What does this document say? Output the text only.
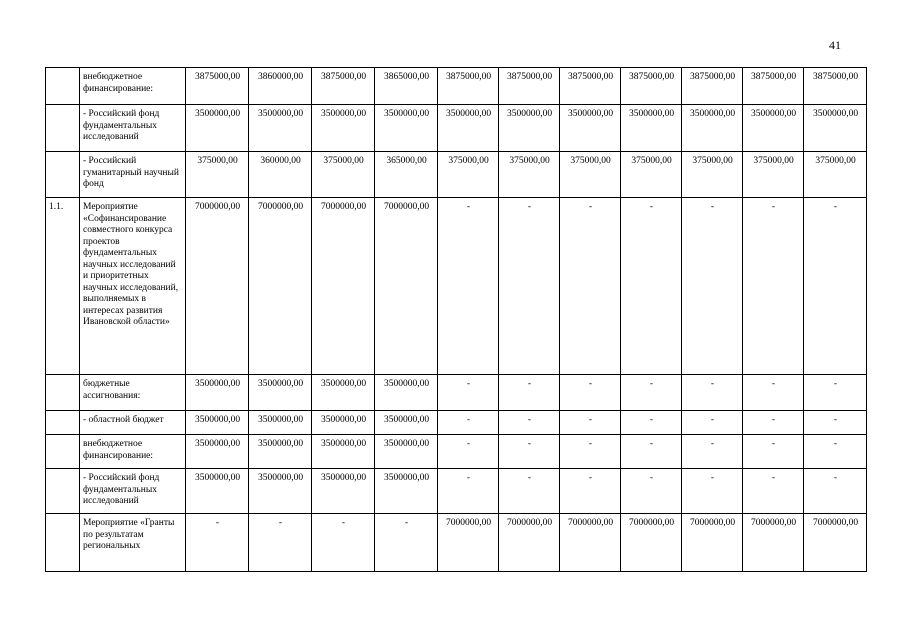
41
	внебюджетное финансирование:	3875000,00	3860000,00	3875000,00	3865000,00	3875000,00	3875000,00	3875000,00	3875000,00	3875000,00	3875000,00	3875000,00
	- Российский фонд фундаментальных исследований	3500000,00	3500000,00	3500000,00	3500000,00	3500000,00	3500000,00	3500000,00	3500000,00	3500000,00	3500000,00	3500000,00
	- Российский гуманитарный научный фонд	375000,00	360000,00	375000,00	365000,00	375000,00	375000,00	375000,00	375000,00	375000,00	375000,00	375000,00
1.1.	Мероприятие «Софинансирование совместного конкурса проектов фундаментальных научных исследований и приоритетных научных исследований, выполняемых в интересах развития Ивановской области»	7000000,00	7000000,00	7000000,00	7000000,00	-	-	-	-	-	-	-
	бюджетные ассигнования:	3500000,00	3500000,00	3500000,00	3500000,00	-	-	-	-	-	-	-
	- областной бюджет	3500000,00	3500000,00	3500000,00	3500000,00	-	-	-	-	-	-	-
	внебюджетное финансирование:	3500000,00	3500000,00	3500000,00	3500000,00	-	-	-	-	-	-	-
	- Российский фонд фундаментальных исследований	3500000,00	3500000,00	3500000,00	3500000,00	-	-	-	-	-	-	-
	Мероприятие «Гранты по результатам региональных	-	-	-	-	7000000,00	7000000,00	7000000,00	7000000,00	7000000,00	7000000,00	7000000,00
